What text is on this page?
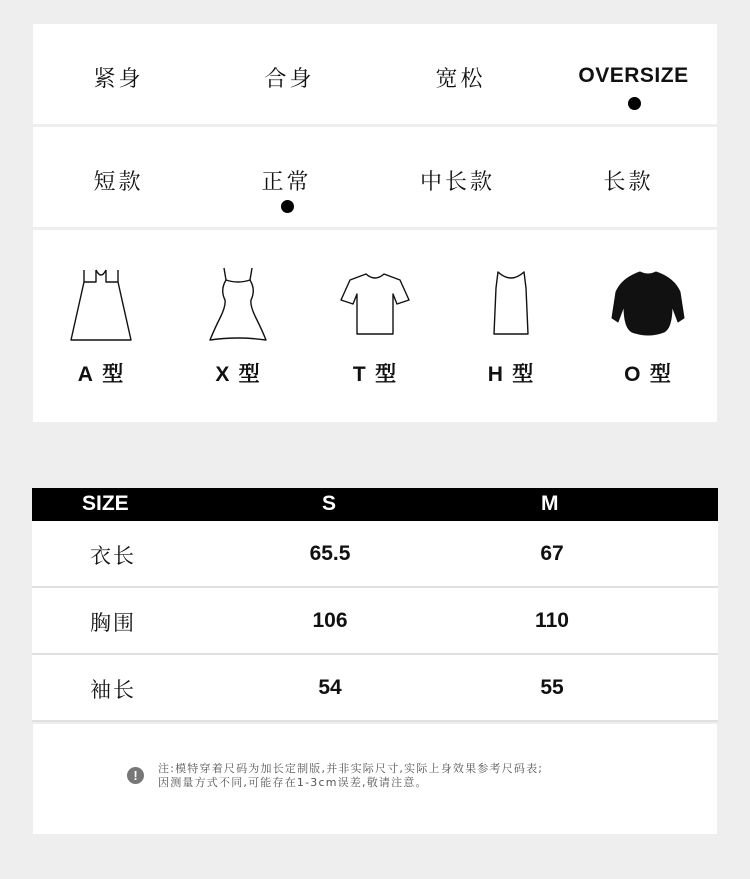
紧身	合身	宽松	OVERSIZE
短款	正常	中长款	长款
A 型	X 型	T 型	H 型	O 型
SIZE	S	M
衣长	65.5	67
胸围	106	110
袖长	54	55
!	注:模特穿着尺码为加长定制版,并非实际尺寸,实际上身效果参考尺码表;
因测量方式不同,可能存在1-3cm误差,敬请注意。
